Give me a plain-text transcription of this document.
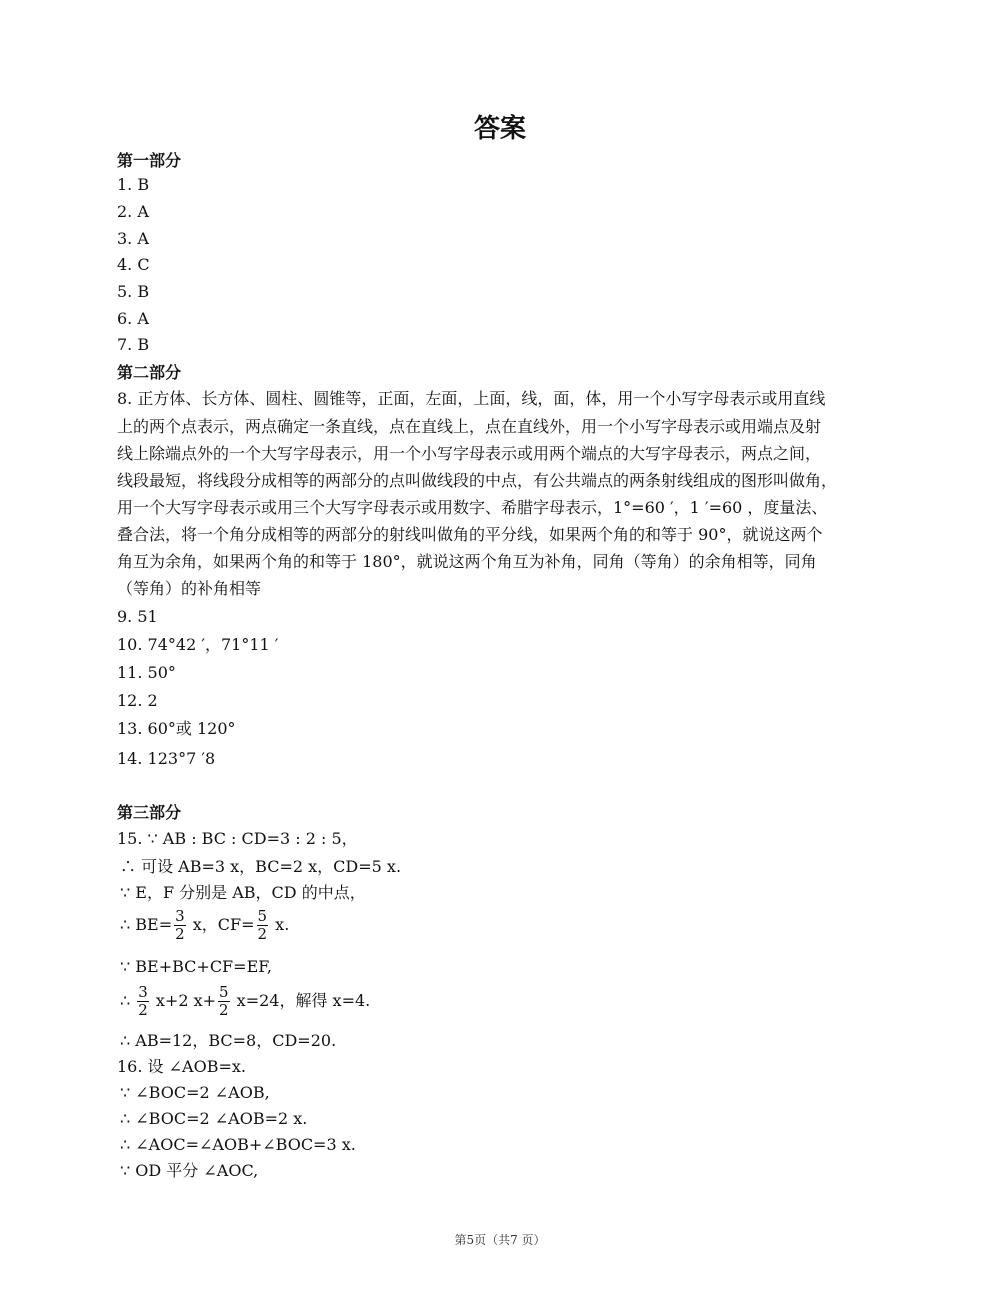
答案
第一部分
1. B
2. A
3. A
4. C
5. B
6. A
7. B
第二部分
8. 正方体、长方体、圆柱、圆锥等，正面，左面，上面，线，面，体，用一个小写字母表示或用直线
上的两个点表示，两点确定一条直线，点在直线上，点在直线外，用一个小写字母表示或用端点及射
线上除端点外的一个大写字母表示，用一个小写字母表示或用两个端点的大写字母表示，两点之间，
线段最短，将线段分成相等的两部分的点叫做线段的中点，有公共端点的两条射线组成的图形叫做角，
用一个大写字母表示或用三个大写字母表示或用数字、希腊字母表示，1°=60 ′，1 ′=60 ，度量法、
叠合法，将一个角分成相等的两部分的射线叫做角的平分线，如果两个角的和等于 90°，就说这两个
角互为余角，如果两个角的和等于 180°，就说这两个角互为补角，同角（等角）的余角相等，同角
（等角）的补角相等
9. 51
10. 74°42 ′，71°11 ′
11. 50°
12. 2
13. 60°或 120°
14. 123°7 ′8
第三部分
15. ∵ AB : BC : CD=3 : 2 : 5，
∴ 可设 AB=3 x，BC=2 x，CD=5 x.
∵ E，F 分别是 AB，CD 的中点，
∴ $BE= \frac{3}{2}$ x，$CF= \frac{5}{2} x$.
∵ BE+BC+CF=EF,
∴ $\frac{3}{2} x+2$ $x+ \frac{5}{2} x=24$，解得 x=4.
∴ AB=12，BC=8，CD=20.
16. 设 ∠AOB=x.
∵ ∠BOC=2 ∠AOB,
∴ ∠BOC=2 ∠AOB=2 x.
∴ ∠AOC=∠AOB+∠BOC=3 x.
∵ OD 平分 ∠AOC,
第5页（共7 页）
